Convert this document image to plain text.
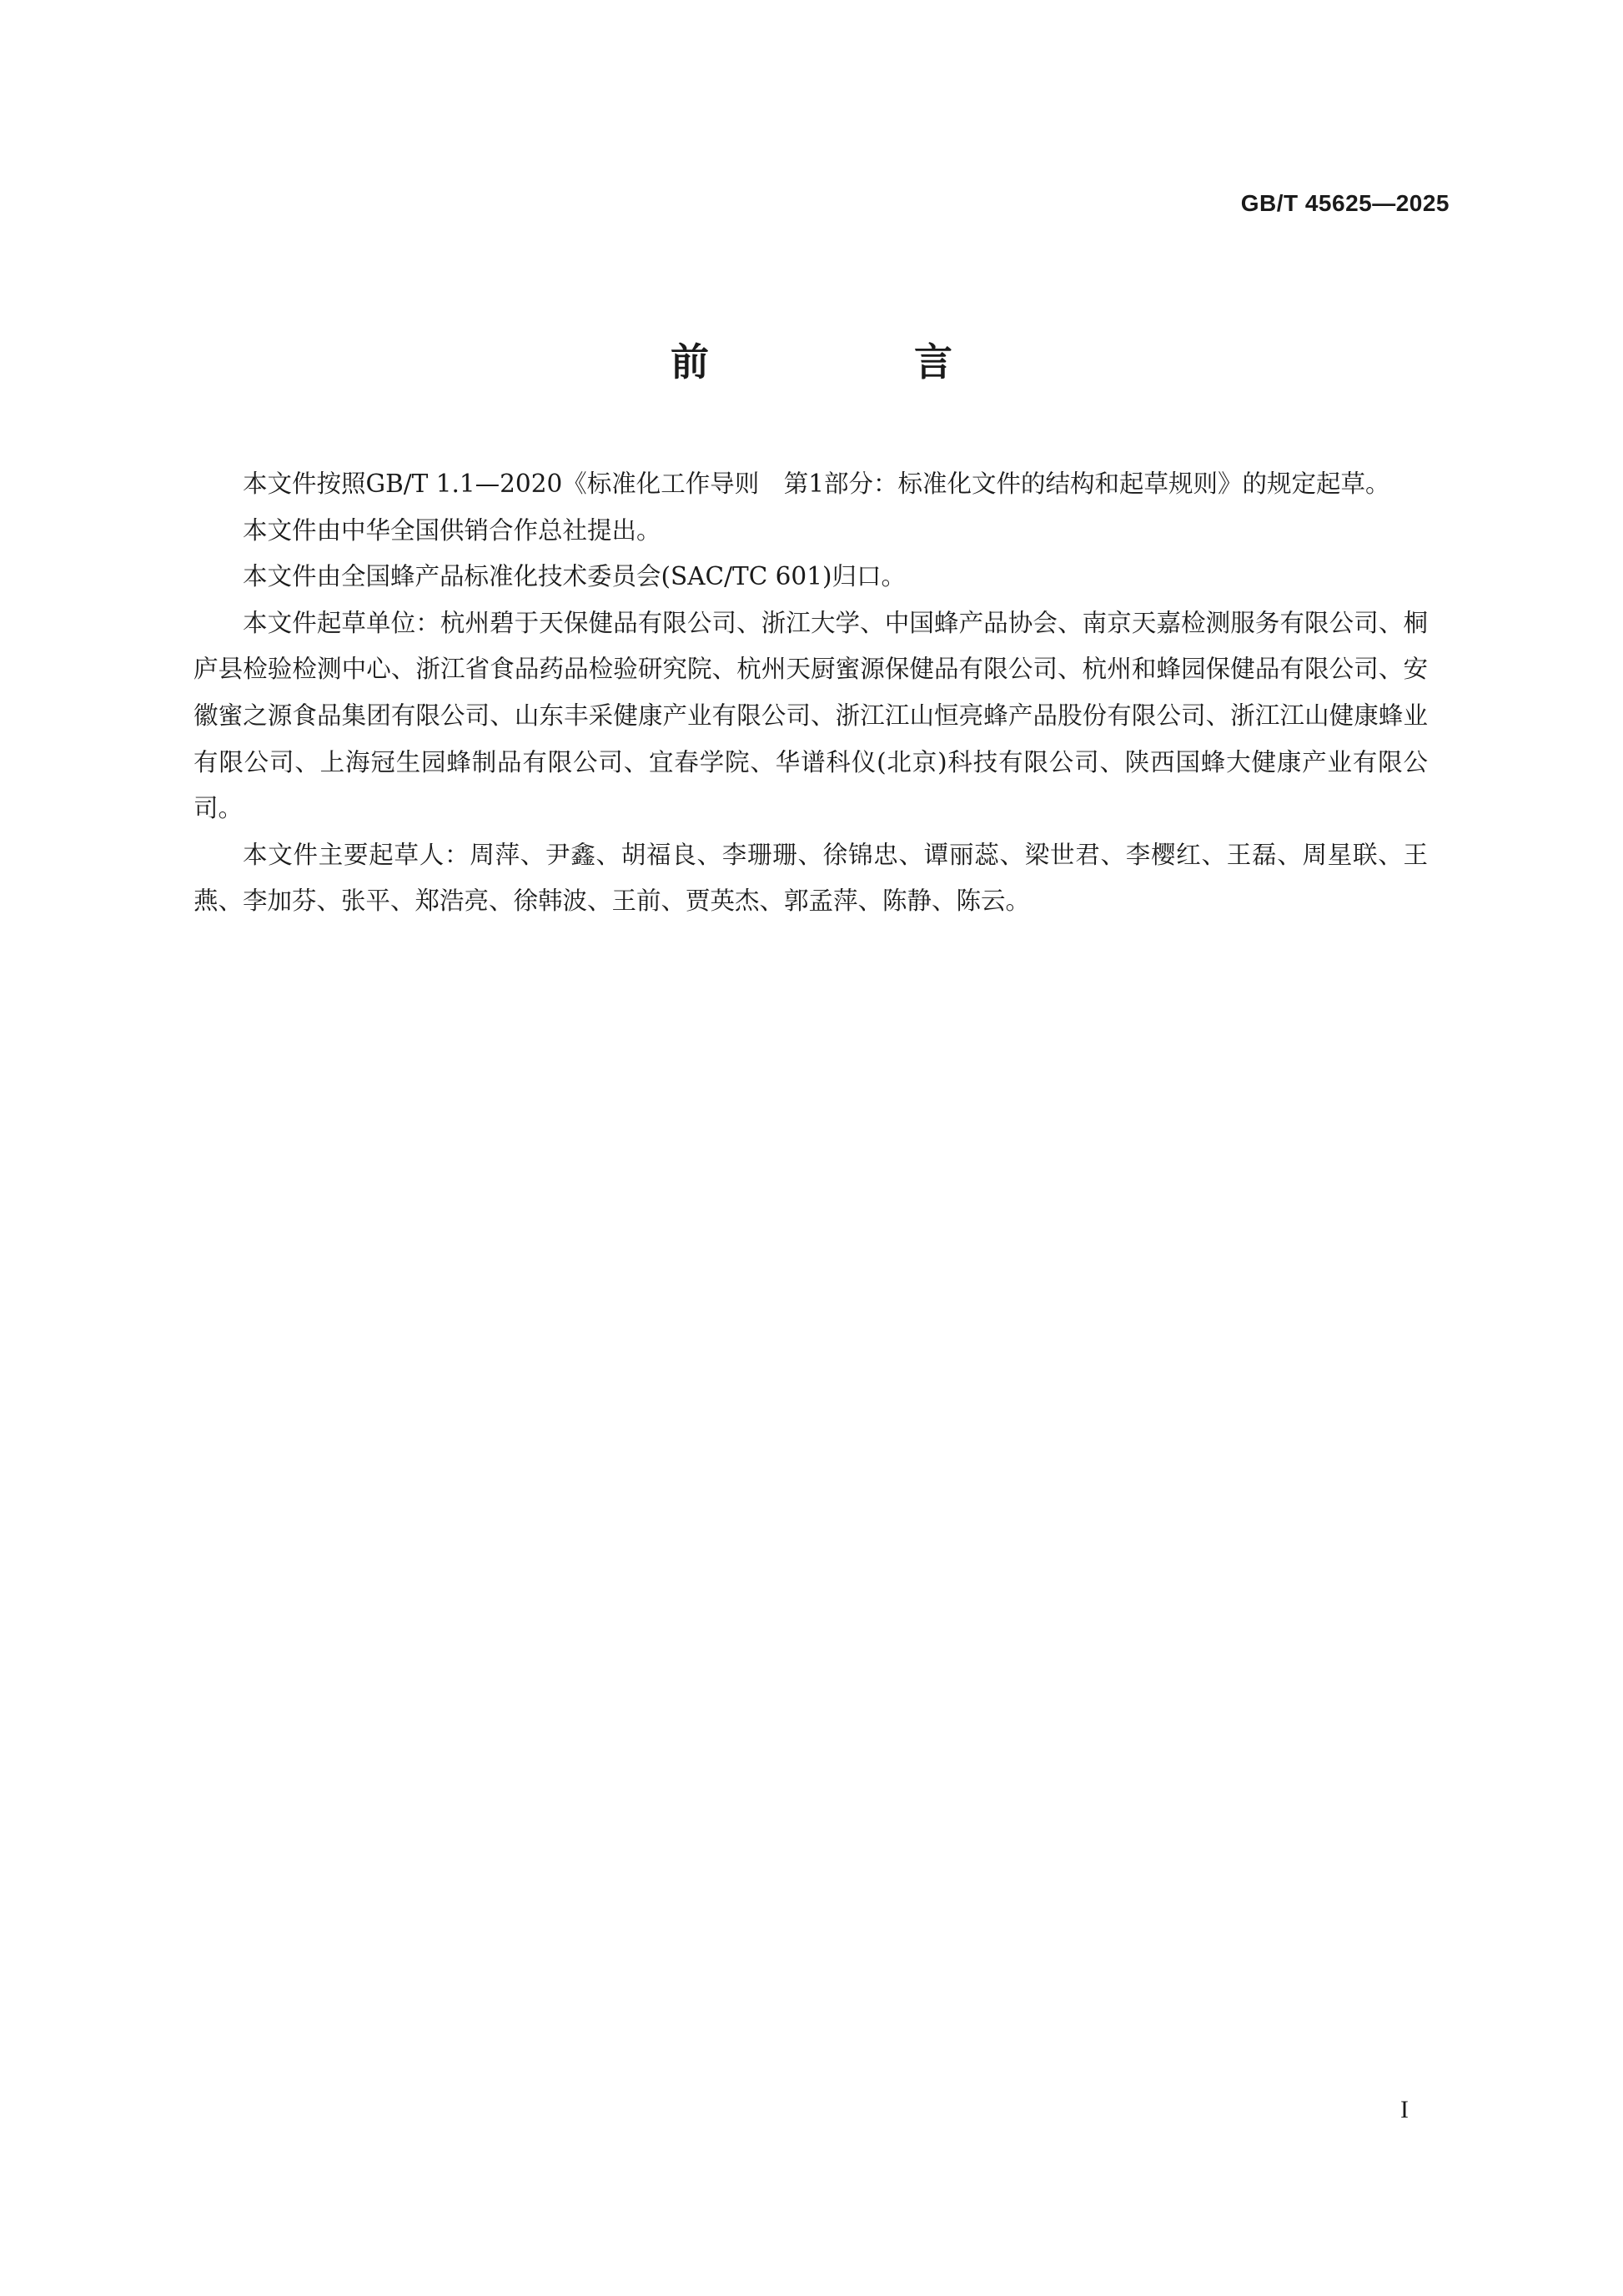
GB/T 45625—2025
前　言

本文件按照GB/T 1.1—2020《标准化工作导则　第1部分：标准化文件的结构和起草规则》的规定起草。

本文件由中华全国供销合作总社提出。

本文件由全国蜂产品标准化技术委员会(SAC/TC 601)归口。

本文件起草单位：杭州碧于天保健品有限公司、浙江大学、中国蜂产品协会、南京天嘉检测服务有限公司、桐庐县检验检测中心、浙江省食品药品检验研究院、杭州天厨蜜源保健品有限公司、杭州和蜂园保健品有限公司、安徽蜜之源食品集团有限公司、山东丰采健康产业有限公司、浙江江山恒亮蜂产品股份有限公司、浙江江山健康蜂业有限公司、上海冠生园蜂制品有限公司、宜春学院、华谱科仪(北京)科技有限公司、陕西国蜂大健康产业有限公司。

本文件主要起草人：周萍、尹鑫、胡福良、李珊珊、徐锦忠、谭丽蕊、梁世君、李樱红、王磊、周星联、王燕、李加芬、张平、郑浩亮、徐韩波、王前、贾英杰、郭孟萍、陈静、陈云。

I
